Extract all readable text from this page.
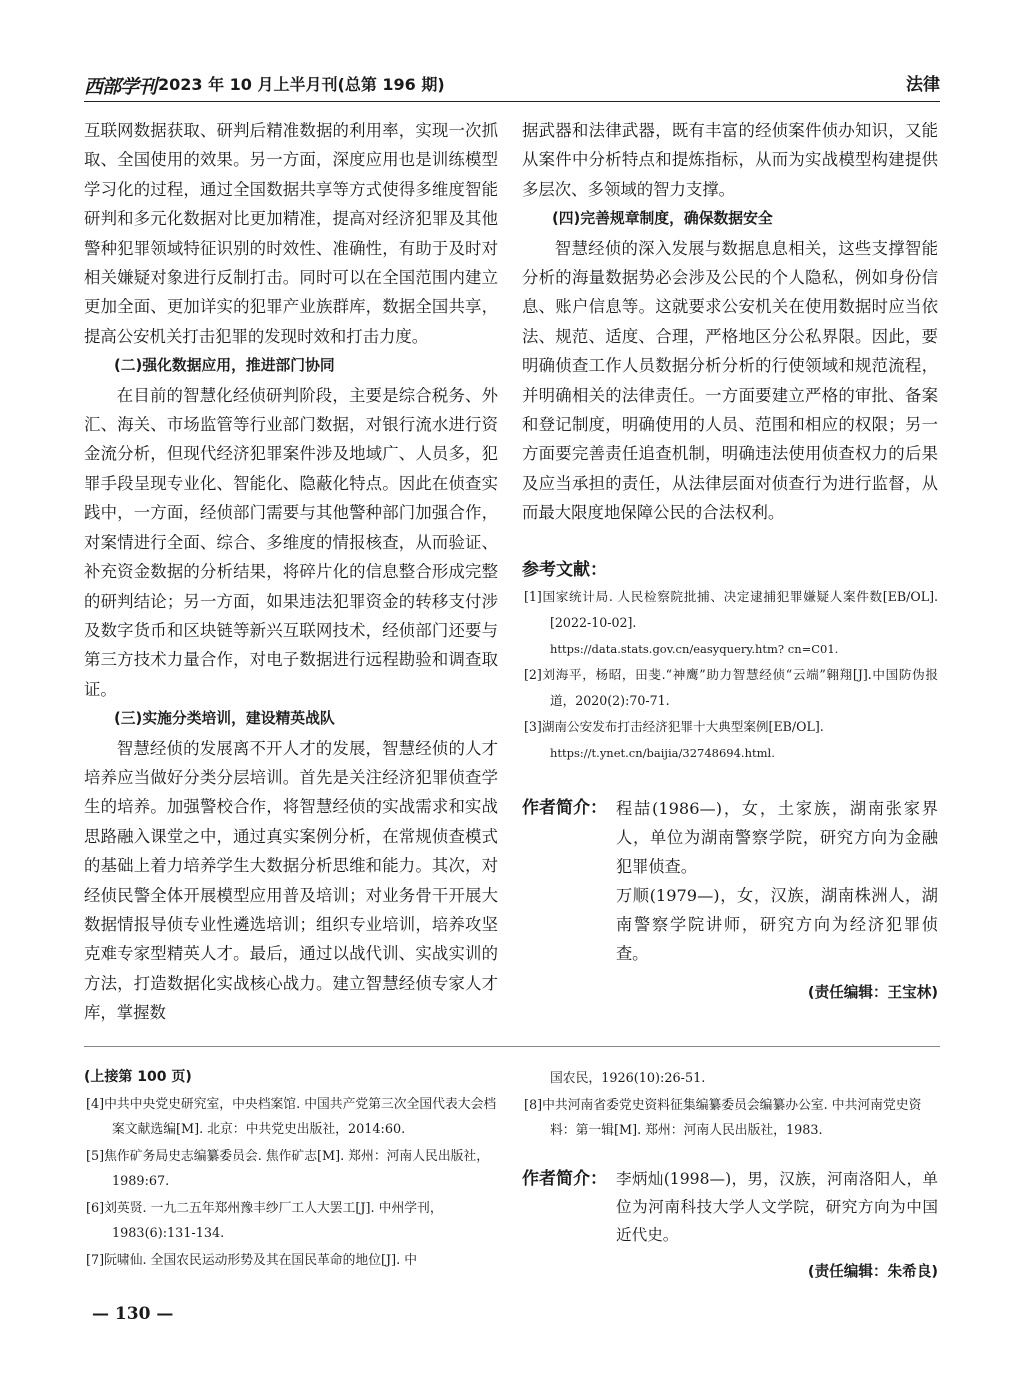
西部学刊 2023 年 10 月上半月刊(总第 196 期)	法律

互联网数据获取、研判后精准数据的利用率，实现一次抓取、全国使用的效果。另一方面，深度应用也是训练模型学习化的过程，通过全国数据共享等方式使得多维度智能研判和多元化数据对比更加精准，提高对经济犯罪及其他警种犯罪领域特征识别的时效性、准确性，有助于及时对相关嫌疑对象进行反制打击。同时可以在全国范围内建立更加全面、更加详实的犯罪产业族群库，数据全国共享，提高公安机关打击犯罪的发现时效和打击力度。

(二)强化数据应用，推进部门协同

在目前的智慧化经侦研判阶段，主要是综合税务、外汇、海关、市场监管等行业部门数据，对银行流水进行资金流分析，但现代经济犯罪案件涉及地域广、人员多，犯罪手段呈现专业化、智能化、隐蔽化特点。因此在侦查实践中，一方面，经侦部门需要与其他警种部门加强合作，对案情进行全面、综合、多维度的情报核查，从而验证、补充资金数据的分析结果，将碎片化的信息整合形成完整的研判结论；另一方面，如果违法犯罪资金的转移支付涉及数字货币和区块链等新兴互联网技术，经侦部门还要与第三方技术力量合作，对电子数据进行远程勘验和调查取证。

(三)实施分类培训，建设精英战队

智慧经侦的发展离不开人才的发展，智慧经侦的人才培养应当做好分类分层培训。首先是关注经济犯罪侦查学生的培养。加强警校合作，将智慧经侦的实战需求和实战思路融入课堂之中，通过真实案例分析，在常规侦查模式的基础上着力培养学生大数据分析思维和能力。其次，对经侦民警全体开展模型应用普及培训；对业务骨干开展大数据情报导侦专业性遴选培训；组织专业培训，培养攻坚克难专家型精英人才。最后，通过以战代训、实战实训的方法，打造数据化实战核心战力。建立智慧经侦专家人才库，掌握数

据武器和法律武器，既有丰富的经侦案件侦办知识，又能从案件中分析特点和提炼指标，从而为实战模型构建提供多层次、多领域的智力支撑。

(四)完善规章制度，确保数据安全

智慧经侦的深入发展与数据息息相关，这些支撑智能分析的海量数据势必会涉及公民的个人隐私，例如身份信息、账户信息等。这就要求公安机关在使用数据时应当依法、规范、适度、合理，严格地区分公私界限。因此，要明确侦查工作人员数据分析分析的行使领域和规范流程，并明确相关的法律责任。一方面要建立严格的审批、备案和登记制度，明确使用的人员、范围和相应的权限；另一方面要完善责任追查机制，明确违法使用侦查权力的后果及应当承担的责任，从法律层面对侦查行为进行监督，从而最大限度地保障公民的合法权利。

参考文献：

[1]国家统计局. 人民检察院批捕、决定逮捕犯罪嫌疑人案件数[EB/OL].[2022-10-02].
https://data.stats.gov.cn/easyquery.htm? cn=C01.

[2]刘海平，杨昭，田斐.“神鹰”助力智慧经侦“云端”翱翔[J].中国防伪报道，2020(2):70-71.

[3]湖南公安发布打击经济犯罪十大典型案例[EB/OL].
https://t.ynet.cn/baijia/32748694.html.

作者简介： 程喆(1986—)，女，土家族，湖南张家界人，单位为湖南警察学院，研究方向为金融犯罪侦查。

万顺(1979—)，女，汉族，湖南株洲人，湖南警察学院讲师，研究方向为经济犯罪侦查。

(责任编辑：王宝林)
(上接第 100 页)

[4]中共中央党史研究室，中央档案馆. 中国共产党第三次全国代表大会档案文献选编[M]. 北京：中共党史出版社，2014:60.

[5]焦作矿务局史志编纂委员会. 焦作矿志[M]. 郑州：河南人民出版社，1989:67.

[6]刘英贤. 一九二五年郑州豫丰纱厂工人大罢工[J]. 中州学刊，1983(6):131-134.

[7]阮啸仙. 全国农民运动形势及其在国民革命的地位[J]. 中

国农民，1926(10):26-51.

[8]中共河南省委党史资料征集编纂委员会编纂办公室. 中共河南党史资料：第一辑[M]. 郑州：河南人民出版社，1983.

作者简介： 李炳灿(1998—)，男，汉族，河南洛阳人，单位为河南科技大学人文学院，研究方向为中国近代史。

(责任编辑：朱希良)
— 130 —
